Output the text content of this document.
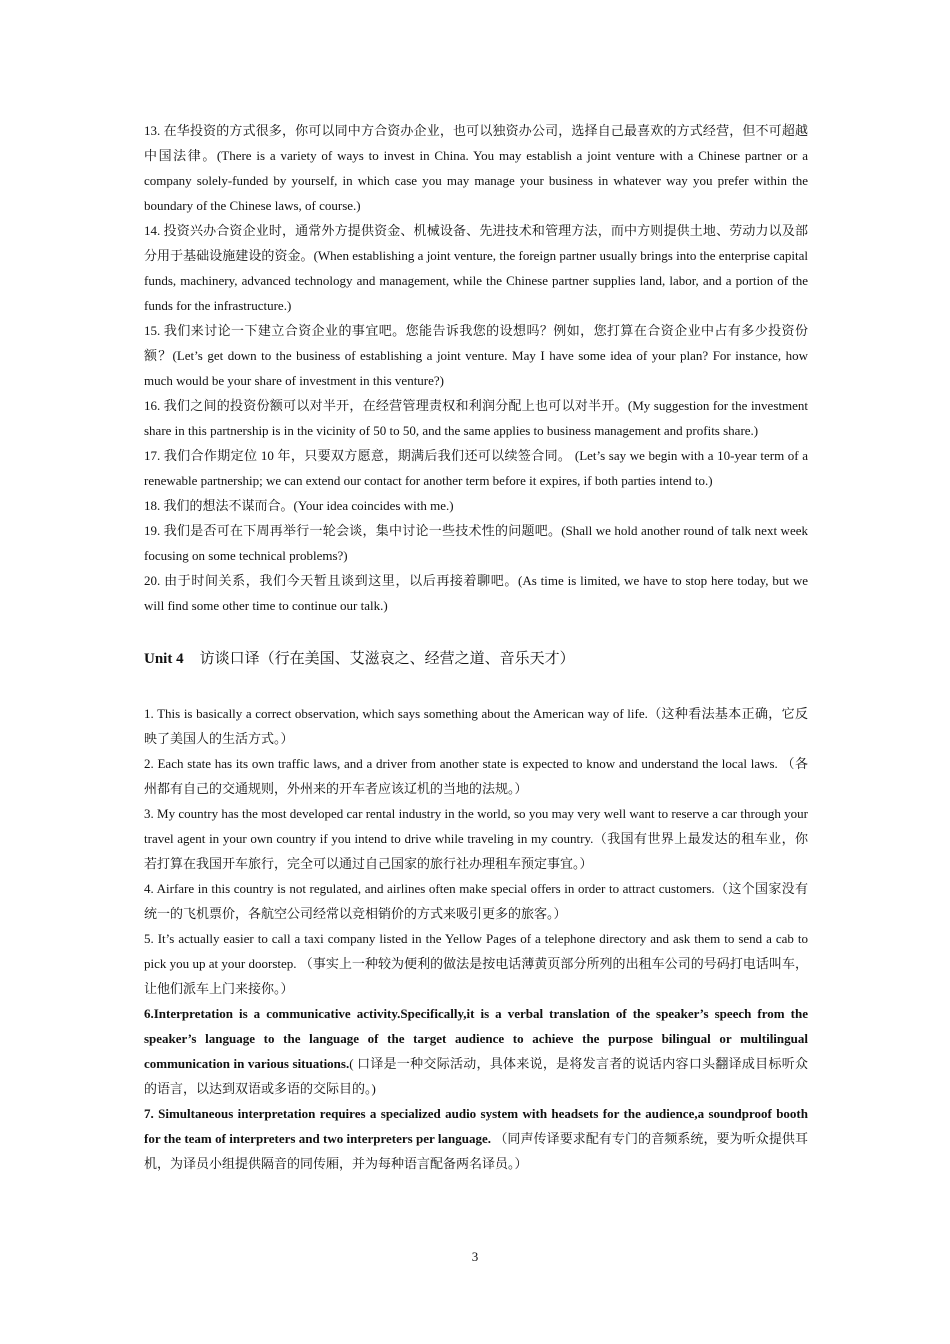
13. 在华投资的方式很多，你可以同中方合资办企业，也可以独资办公司，选择自己最喜欢的方式经营，但不可超越中国法律。(There is a variety of ways to invest in China. You may establish a joint venture with a Chinese partner or a company solely-funded by yourself, in which case you may manage your business in whatever way you prefer within the boundary of the Chinese laws, of course.)

14. 投资兴办合资企业时，通常外方提供资金、机械设备、先进技术和管理方法，而中方则提供土地、劳动力以及部分用于基础设施建设的资金。(When establishing a joint venture, the foreign partner usually brings into the enterprise capital funds, machinery, advanced technology and management, while the Chinese partner supplies land, labor, and a portion of the funds for the infrastructure.)

15. 我们来讨论一下建立合资企业的事宜吧。您能告诉我您的设想吗？例如，您打算在合资企业中占有多少投资份额？(Let’s get down to the business of establishing a joint venture. May I have some idea of your plan? For instance, how much would be your share of investment in this venture?)

16. 我们之间的投资份额可以对半开，在经营管理责权和利润分配上也可以对半开。(My suggestion for the investment share in this partnership is in the vicinity of 50 to 50, and the same applies to business management and profits share.)

17. 我们合作期定位 10 年，只要双方愿意，期满后我们还可以续签合同。 (Let’s say we begin with a 10-year term of a renewable partnership; we can extend our contact for another term before it expires, if both parties intend to.)

18. 我们的想法不谋而合。(Your idea coincides with me.)

19. 我们是否可在下周再举行一轮会谈，集中讨论一些技术性的问题吧。(Shall we hold another round of talk next week focusing on some technical problems?)

20. 由于时间关系，我们今天暂且谈到这里，以后再接着聊吧。(As time is limited, we have to stop here today, but we will find some other time to continue our talk.)

Unit 4 访谈口译（行在美国、艾滋哀之、经营之道、音乐天才）

1. This is basically a correct observation, which says something about the American way of life.（这种看法基本正确，它反映了美国人的生活方式。）

2. Each state has its own traffic laws, and a driver from another state is expected to know and understand the local laws. （各州都有自己的交通规则，外州来的开车者应该辽机的当地的法规。）

3. My country has the most developed car rental industry in the world, so you may very well want to reserve a car through your travel agent in your own country if you intend to drive while traveling in my country.（我国有世界上最发达的租车业，你若打算在我国开车旅行，完全可以通过自己国家的旅行社办理租车预定事宜。）

4. Airfare in this country is not regulated, and airlines often make special offers in order to attract customers.（这个国家没有统一的飞机票价，各航空公司经常以竞相销价的方式来吸引更多的旅客。）

5. It’s actually easier to call a taxi company listed in the Yellow Pages of a telephone directory and ask them to send a cab to pick you up at your doorstep. （事实上一种较为便利的做法是按电话薄黄页部分所列的出租车公司的号码打电话叫车，让他们派车上门来接你。）

6.Interpretation is a communicative activity.Specifically,it is a verbal translation of the speaker’s speech from the speaker’s language to the language of the target audience to achieve the purpose bilingual or multilingual communication in various situations.( 口译是一种交际活动，具体来说，是将发言者的说话内容口头翻译成目标听众的语言，以达到双语或多语的交际目的。)

7. Simultaneous interpretation requires a specialized audio system with headsets for the audience,a soundproof booth for the team of interpreters and two interpreters per language. （同声传译要求配有专门的音频系统，要为听众提供耳机，为译员小组提供隔音的同传厢，并为每种语言配备两名译员。）

3
